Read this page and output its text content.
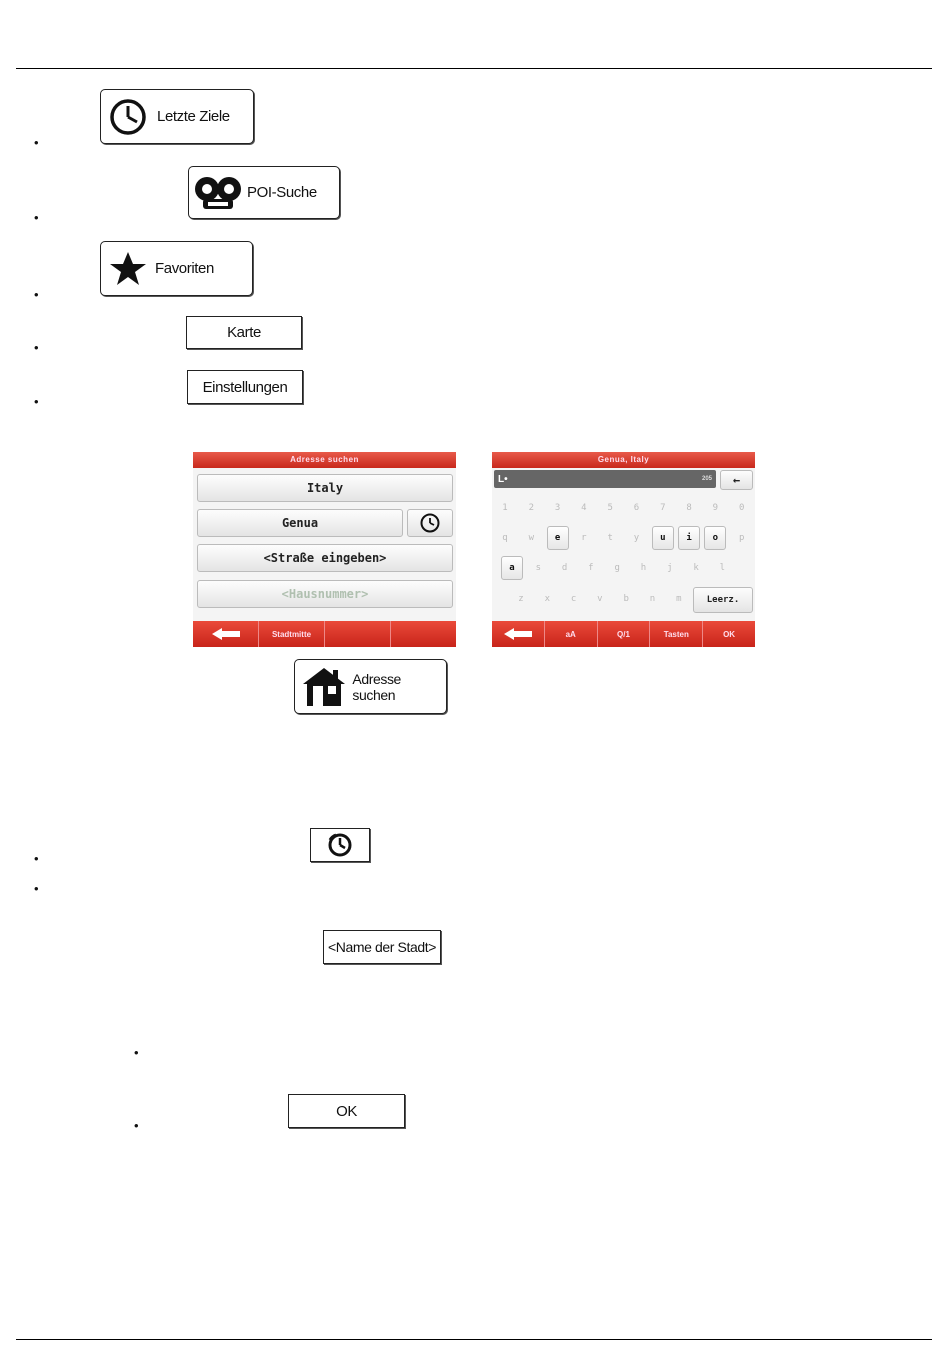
•
•
•
•
•
•
•
•
•
Letzte Ziele
POI-Suche
Favoriten
Karte
Einstellungen
Adresse suchen
Italy
Genua
<Straße eingeben>
<Hausnummer>
Stadtmitte
Genua, Italy
L•	205	←
1	2	3	4	5	6	7	8	9	0
q	w	e	r	t	y	u	i	o	p
a	s	d	f	g	h	j	k	l
z	x	c	v	b	n	m	Leerz.
aA	Q/1	Tasten	OK
Adresse suchen
<Name der Stadt>
OK
